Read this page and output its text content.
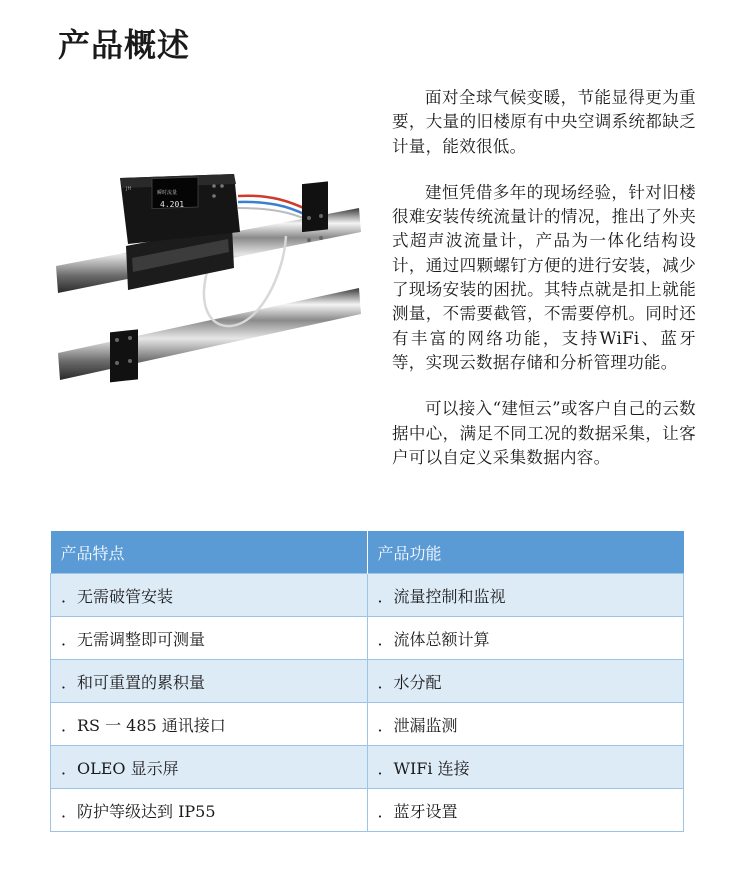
产品概述
瞬时流量
4.201
JH

面对全球气候变暖，节能显得更为重要，大量的旧楼原有中央空调系统都缺乏计量，能效很低。

建恒凭借多年的现场经验，针对旧楼很难安装传统流量计的情况，推出了外夹式超声波流量计，产品为一体化结构设计，通过四颗螺钉方便的进行安装，减少了现场安装的困扰。其特点就是扣上就能测量，不需要截管，不需要停机。同时还有丰富的网络功能，支持WiFi、蓝牙等，实现云数据存储和分析管理功能。

可以接入“建恒云”或客户自己的云数据中心，满足不同工况的数据采集，让客户可以自定义采集数据内容。

产品特点	产品功能
．无需破管安装	．流量控制和监视
．无需调整即可测量	．流体总额计算
．和可重置的累积量	．水分配
．RS 一 485 通讯接口	．泄漏监测
．OLEO 显示屏	．WIFi 连接
．防护等级达到 IP55	．蓝牙设置
